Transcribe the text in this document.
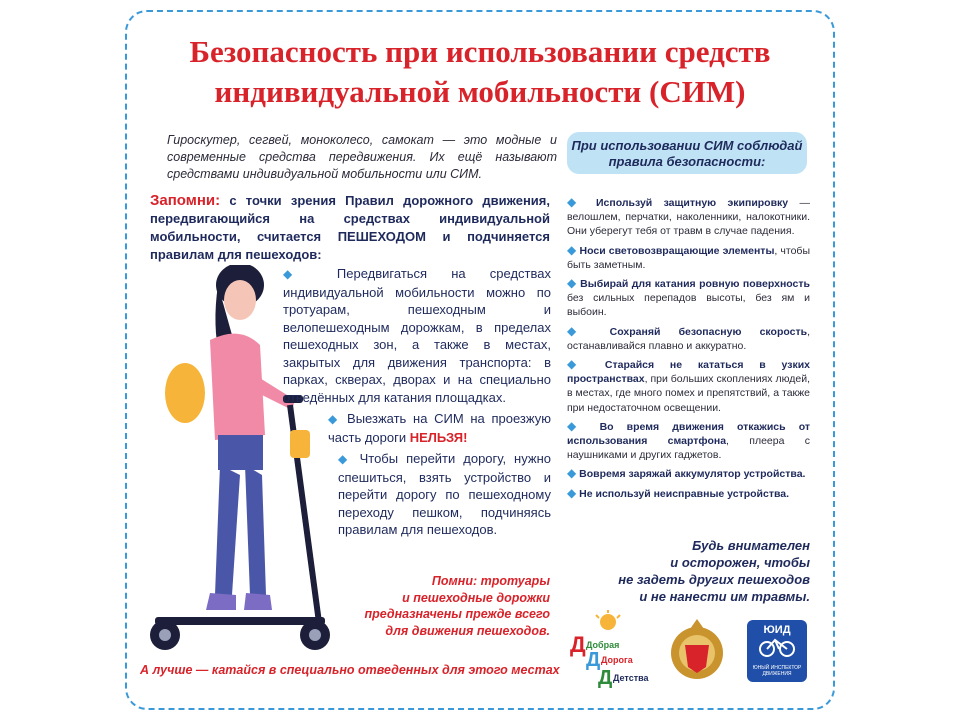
Безопасность при использовании средств
индивидуальной мобильности (СИМ)
Гироскутер, сегвей, моноколесо, самокат — это модные и современные средства передвижения. Их ещё называют средствами индивидуальной мобильности или СИМ.
Запомни: с точки зрения Правил дорожного движения, передвигающийся на средствах индивидуальной мобильности, считается ПЕШЕХОДОМ и подчиняется правилам для пешеходов:

◆ Передвигаться на средствах индивидуальной мобильности можно по тротуарам, пешеходным и велопешеходным дорожкам, в пределах пешеходных зон, а также в местах, закрытых для движения транспорта: в парках, скверах, дворах и на специально отведённых для катания площадках.

◆ Выезжать на СИМ на проезжую часть дороги НЕЛЬЗЯ!

◆ Чтобы перейти дорогу, нужно спешиться, взять устройство и перейти дорогу по пешеходному переходу пешком, подчиняясь правилам для пешеходов.

При использовании СИМ соблюдай правила безопасности:

◆ Используй защитную экипировку — велошлем, перчатки, наколенники, налокотники. Они уберегут тебя от травм в случае падения.

◆ Носи световозвращающие элементы, чтобы быть заметным.

◆ Выбирай для катания ровную поверхность без сильных перепадов высоты, без ям и выбоин.

◆ Сохраняй безопасную скорость, останавливайся плавно и аккуратно.

◆ Старайся не кататься в узких пространствах, при больших скоплениях людей, в местах, где много помех и препятствий, а также при недостаточном освещении.

◆ Во время движения откажись от использования смартфона, плеера с наушниками и других гаджетов.

◆ Вовремя заряжай аккумулятор устройства.

◆ Не используй неисправные устройства.

Будь внимателен
и осторожен, чтобы
не задеть других пешеходов
и не нанести им травмы.
Помни: тротуары
и пешеходные дорожки
предназначены прежде всего
для движения пешеходов.
А лучше — катайся в специально отведенных для этого местах
Д Добрая
Д Дорога
Д Детства
ЮИД
ЮНЫЙ ИНСПЕКТОР ДВИЖЕНИЯ
